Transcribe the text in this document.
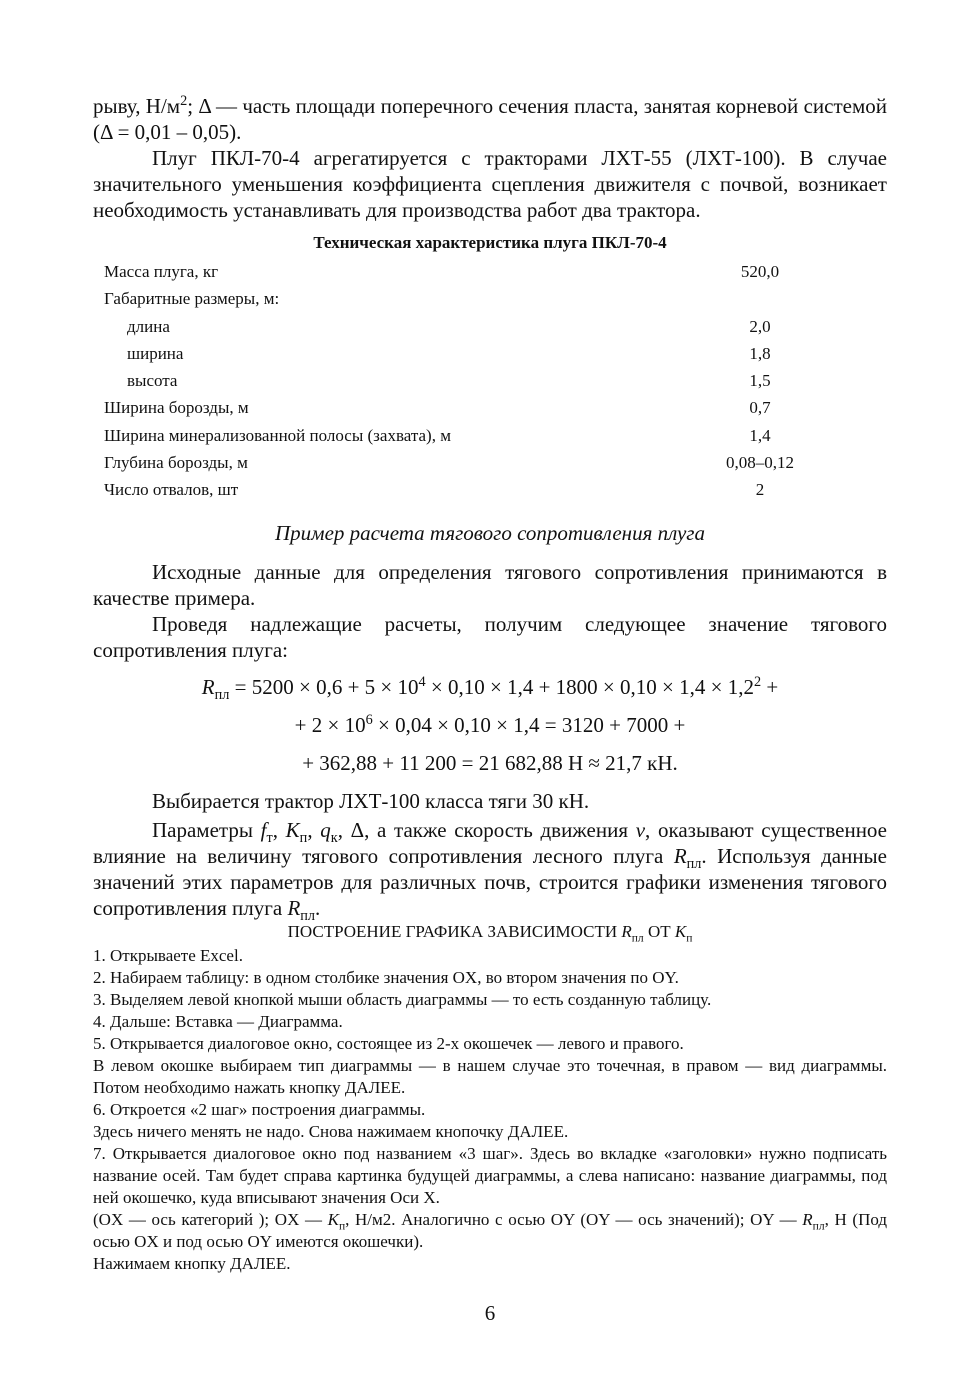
рыву, $Н/м^2$; Δ — часть площади поперечного сечения пласта, занятая корневой системой (Δ = 0,01 – 0,05).

Плуг ПКЛ-70-4 агрегатируется с тракторами ЛХТ-55 (ЛХТ-100). В случае значительного уменьшения коэффициента сцепления движителя с почвой, возникает необходимость устанавливать для производства работ два трактора.

Техническая характеристика плуга ПКЛ-70-4
Масса плуга, кг	520,0
Габаритные размеры, м:
длина	2,0
ширина	1,8
высота	1,5
Ширина борозды, м	0,7
Ширина минерализованной полосы (захвата), м	1,4
Глубина борозды, м	0,08–0,12
Число отвалов, шт	2
Пример расчета тягового сопротивления плуга

Исходные данные для определения тягового сопротивления принимаются в качестве примера.

Проведя надлежащие расчеты, получим следующее значение тягового сопротивления плуга:

$R_{пл} = 5200 \times 0,6 + 5 \times 10^4 \times 0,10 \times 1,4 + 1800 \times 0,10 \times 1,4 \times 1,2^2$ +
+ $2 \times 10^6 \times 0,04 \times 0,10 \times 1,4 = 3120 + 7000$ +
+ 362,88 + 11 200 = 21 682,88 Н ≈ 21,7 кН.

Выбирается трактор ЛХТ-100 класса тяги 30 кН.

Параметры $f_т$, $K_п$, $q_к$, Δ, а также скорость движения v, оказывают существенное влияние на величину тягового сопротивления лесного плуга $R_{пл}$. Используя данные значений этих параметров для различных почв, строится графики изменения тягового сопротивления плуга $R_{пл}$.

ПОСТРОЕНИЕ ГРАФИКА ЗАВИСИМОСТИ $R_{пл}$ ОТ $K_п$
1. Открываете Excel.
2. Набираем таблицу: в одном столбике значения OX, во втором значения по OY.
3. Выделяем левой кнопкой мыши область диаграммы — то есть созданную таблицу.
4. Дальше: Вставка — Диаграмма.
5. Открывается диалоговое окно, состоящее из 2-х окошечек — левого и правого.
В левом окошке выбираем тип диаграммы — в нашем случае это точечная, в правом — вид диаграммы. Потом необходимо нажать кнопку ДАЛЕЕ.
6. Откроется «2 шаг» построения диаграммы.
Здесь ничего менять не надо. Снова нажимаем кнопочку ДАЛЕЕ.
7. Открывается диалоговое окно под названием «3 шаг». Здесь во вкладке «заголовки» нужно подписать название осей. Там будет справа картинка будущей диаграммы, а слева написано: название диаграммы, под ней окошечко, куда вписывают значения Оси Х.
(OX — ось категорий ); OX — $K_п$, Н/м2. Аналогично с осью OY (OY — ось значений); OY — $R_{пл}$, Н (Под осью OX и под осью OY имеются окошечки).
Нажимаем кнопку ДАЛЕЕ.
6
